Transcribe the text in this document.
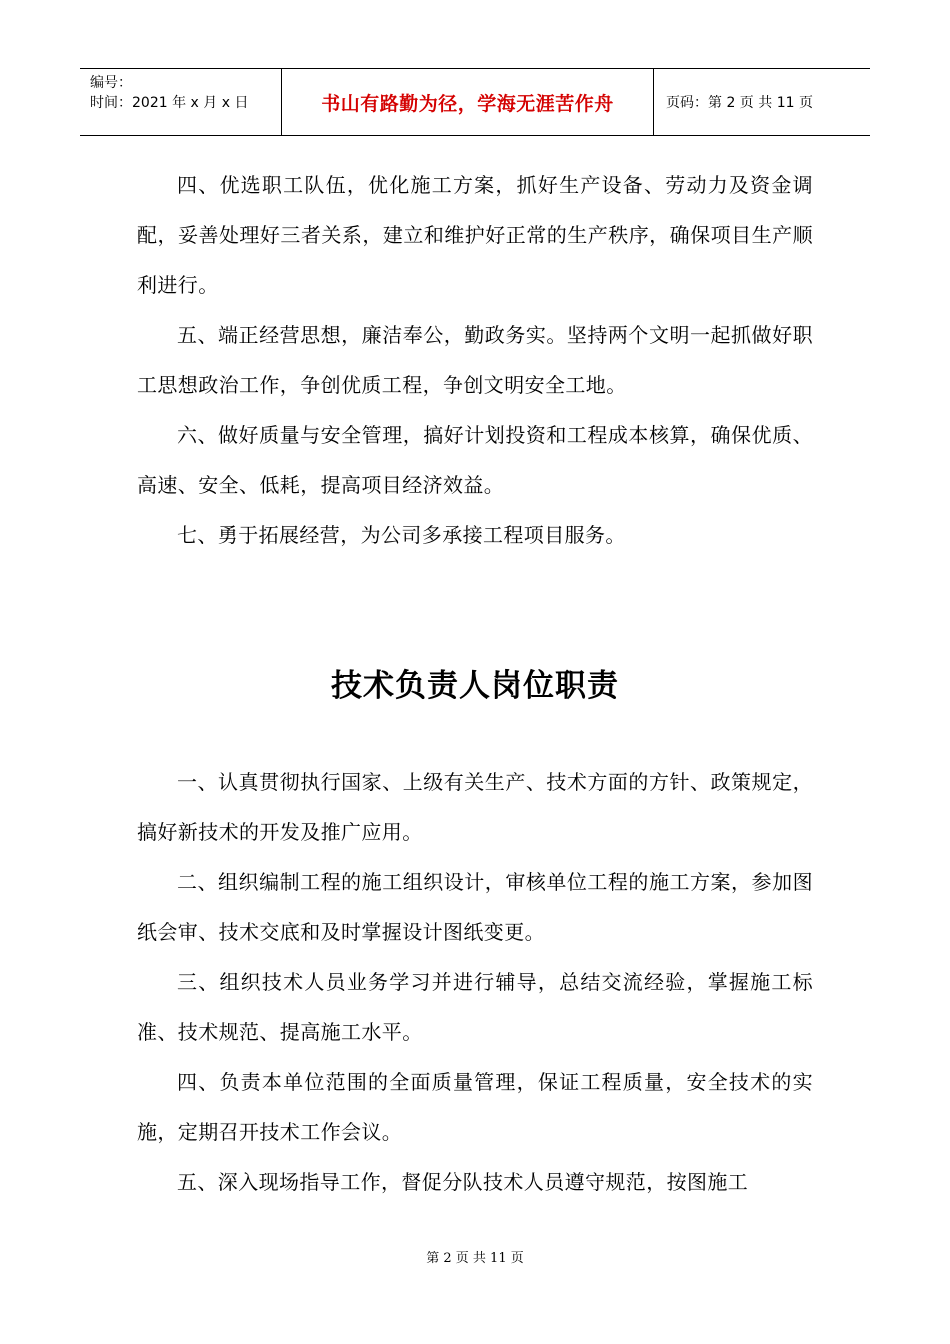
编号：
时间：2021 年 x 月 x 日	书山有路勤为径，学海无涯苦作舟	页码：第 2 页 共 11 页

四、优选职工队伍，优化施工方案，抓好生产设备、劳动力及资金调配，妥善处理好三者关系，建立和维护好正常的生产秩序，确保项目生产顺利进行。

五、端正经营思想，廉洁奉公，勤政务实。坚持两个文明一起抓做好职工思想政治工作，争创优质工程，争创文明安全工地。

六、做好质量与安全管理，搞好计划投资和工程成本核算，确保优质、高速、安全、低耗，提高项目经济效益。

七、勇于拓展经营，为公司多承接工程项目服务。

技术负责人岗位职责

一、认真贯彻执行国家、上级有关生产、技术方面的方针、政策规定，搞好新技术的开发及推广应用。

二、组织编制工程的施工组织设计，审核单位工程的施工方案，参加图纸会审、技术交底和及时掌握设计图纸变更。

三、组织技术人员业务学习并进行辅导，总结交流经验，掌握施工标准、技术规范、提高施工水平。

四、负责本单位范围的全面质量管理，保证工程质量，安全技术的实施，定期召开技术工作会议。

五、深入现场指导工作，督促分队技术人员遵守规范，按图施工

第 2 页 共 11 页
